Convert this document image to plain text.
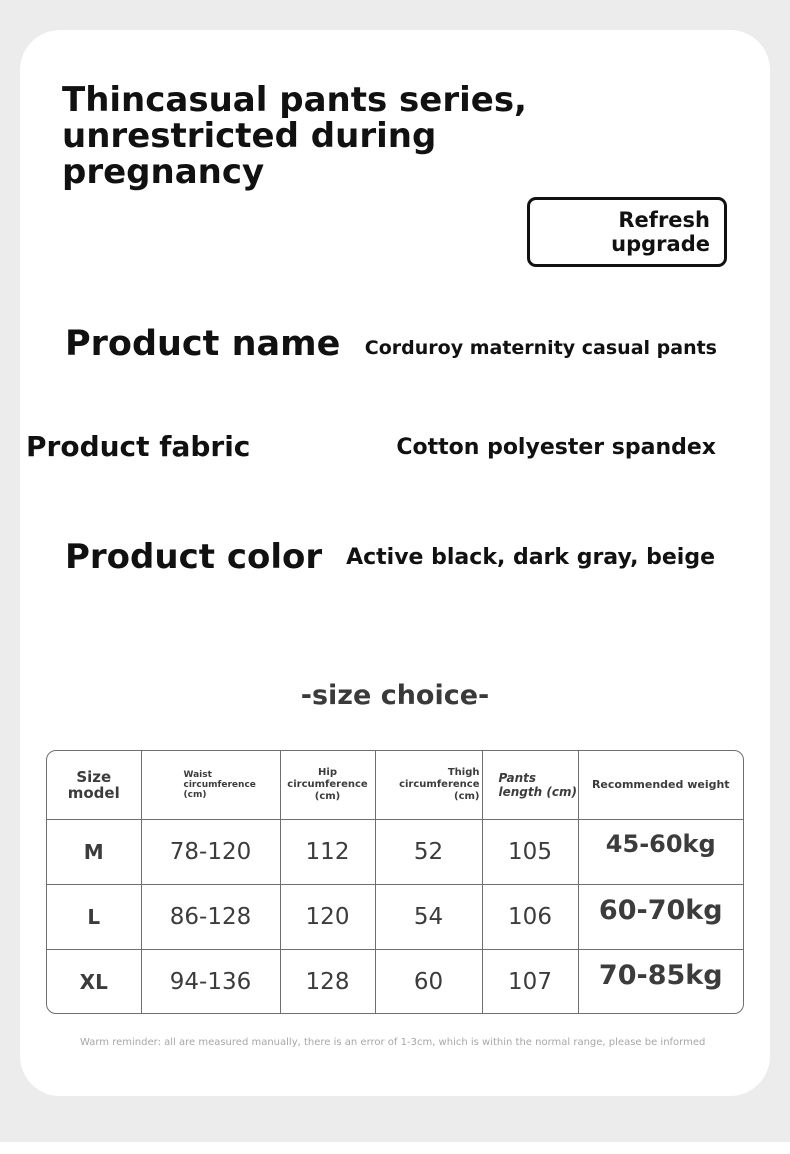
Thincasual pants series,
unrestricted during
pregnancy
Refresh
upgrade
Product name Corduroy maternity casual pants
Product fabric	Cotton polyester spandex
Product color Active black, dark gray, beige
-size choice-
Size
model	Waist
circumference
(cm)	Hip
circumference
(cm)	Thigh
circumference
(cm)	Pants
length (cm)	Recommended weight
M	78-120	112	52	105	45-60kg
L	86-128	120	54	106	60-70kg
XL	94-136	128	60	107	70-85kg
Warm reminder: all are measured manually, there is an error of 1-3cm, which is within the normal range, please be informed
